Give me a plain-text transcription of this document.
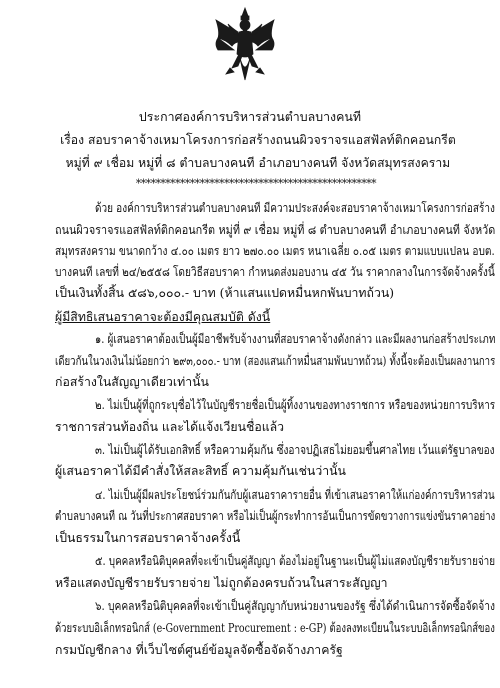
ประกาศองค์การบริหารส่วนตำบลบางคนที
เรื่อง สอบราคาจ้างเหมาโครงการก่อสร้างถนนผิวจราจรแอสฟัลท์ติกคอนกรีต
หมู่ที่ ๙ เชื่อม หมู่ที่ ๘ ตำบลบางคนที อำเภอบางคนที จังหวัดสมุทรสงคราม
*************************************************
ด้วย องค์การบริหารส่วนตำบลบางคนที มีความประสงค์จะสอบราคาจ้างเหมาโครงการก่อสร้าง
ถนนผิวจราจรแอสฟัลท์ติกคอนกรีต หมู่ที่ ๙ เชื่อม หมู่ที่ ๘ ตำบลบางคนที อำเภอบางคนที จังหวัด
สมุทรสงคราม ขนาดกว้าง ๔.๐๐ เมตร ยาว ๒๗๐.๐๐ เมตร หนาเฉลี่ย ๐.๐๕ เมตร ตามแบบแปลน อบต.
บางคนที เลขที่ ๒๔/๒๕๕๘ โดยวิธีสอบราคา กำหนดส่งมอบงาน ๔๕ วัน ราคากลางในการจัดจ้างครั้งนี้
เป็นเงินทั้งสิ้น ๕๘๖,๐๐๐.- บาท (ห้าแสนแปดหมื่นหกพันบาทถ้วน)
ผู้มีสิทธิเสนอราคาจะต้องมีคุณสมบัติ ดังนี้
๑. ผู้เสนอราคาต้องเป็นผู้มีอาชีพรับจ้างงานที่สอบราคาจ้างดังกล่าว และมีผลงานก่อสร้างประเภท
เดียวกันในวงเงินไม่น้อยกว่า ๒๙๓,๐๐๐.- บาท (สองแสนเก้าหมื่นสามพันบาทถ้วน) ทั้งนี้จะต้องเป็นผลงานการ
ก่อสร้างในสัญญาเดียวเท่านั้น
๒. ไม่เป็นผู้ที่ถูกระบุชื่อไว้ในบัญชีรายชื่อเป็นผู้ทิ้งงานของทางราชการ หรือของหน่วยการบริหาร
ราชการส่วนท้องถิ่น และได้แจ้งเวียนชื่อแล้ว
๓. ไม่เป็นผู้ได้รับเอกสิทธิ์ หรือความคุ้มกัน ซึ่งอาจปฏิเสธไม่ยอมขึ้นศาลไทย เว้นแต่รัฐบาลของ
ผู้เสนอราคาได้มีคำสั่งให้สละสิทธิ์ ความคุ้มกันเช่นว่านั้น
๔. ไม่เป็นผู้มีผลประโยชน์ร่วมกันกับผู้เสนอราคารายอื่น ที่เข้าเสนอราคาให้แก่องค์การบริหารส่วน
ตำบลบางคนที ณ วันที่ประกาศสอบราคา หรือไม่เป็นผู้กระทำการอันเป็นการขัดขวางการแข่งขันราคาอย่าง
เป็นธรรมในการสอบราคาจ้างครั้งนี้
๕. บุคคลหรือนิติบุคคลที่จะเข้าเป็นคู่สัญญา ต้องไม่อยู่ในฐานะเป็นผู้ไม่แสดงบัญชีรายรับรายจ่าย
หรือแสดงบัญชีรายรับรายจ่าย ไม่ถูกต้องครบถ้วนในสาระสัญญา
๖. บุคคลหรือนิติบุคคลที่จะเข้าเป็นคู่สัญญากับหน่วยงานของรัฐ ซึ่งได้ดำเนินการจัดซื้อจัดจ้าง
ด้วยระบบอิเล็กทรอนิกส์ (e-Government Procurement : e-GP) ต้องลงทะเบียนในระบบอิเล็กทรอนิกส์ของ
กรมบัญชีกลาง ที่เว็บไซต์ศูนย์ข้อมูลจัดซื้อจัดจ้างภาครัฐ
